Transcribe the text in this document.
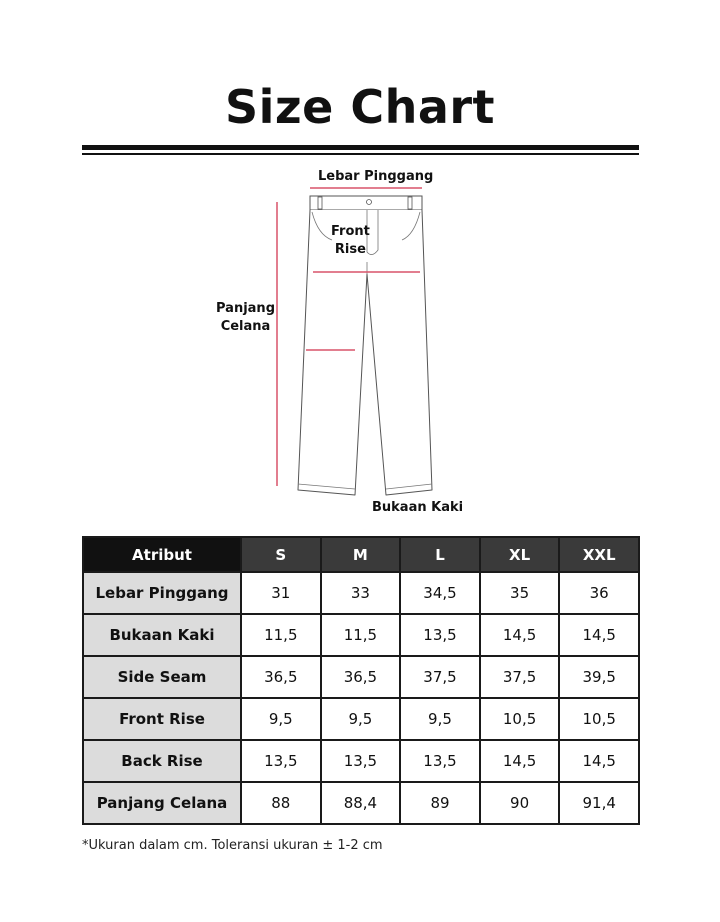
Size Chart
Lebar Pinggang
Front
Rise
Panjang
Celana
Bukaan Kaki
Atribut	S	M	L	XL	XXL
Lebar Pinggang	31	33	34,5	35	36
Bukaan Kaki	11,5	11,5	13,5	14,5	14,5
Side Seam	36,5	36,5	37,5	37,5	39,5
Front Rise	9,5	9,5	9,5	10,5	10,5
Back Rise	13,5	13,5	13,5	14,5	14,5
Panjang Celana	88	88,4	89	90	91,4
*Ukuran dalam cm. Toleransi ukuran ± 1-2 cm
